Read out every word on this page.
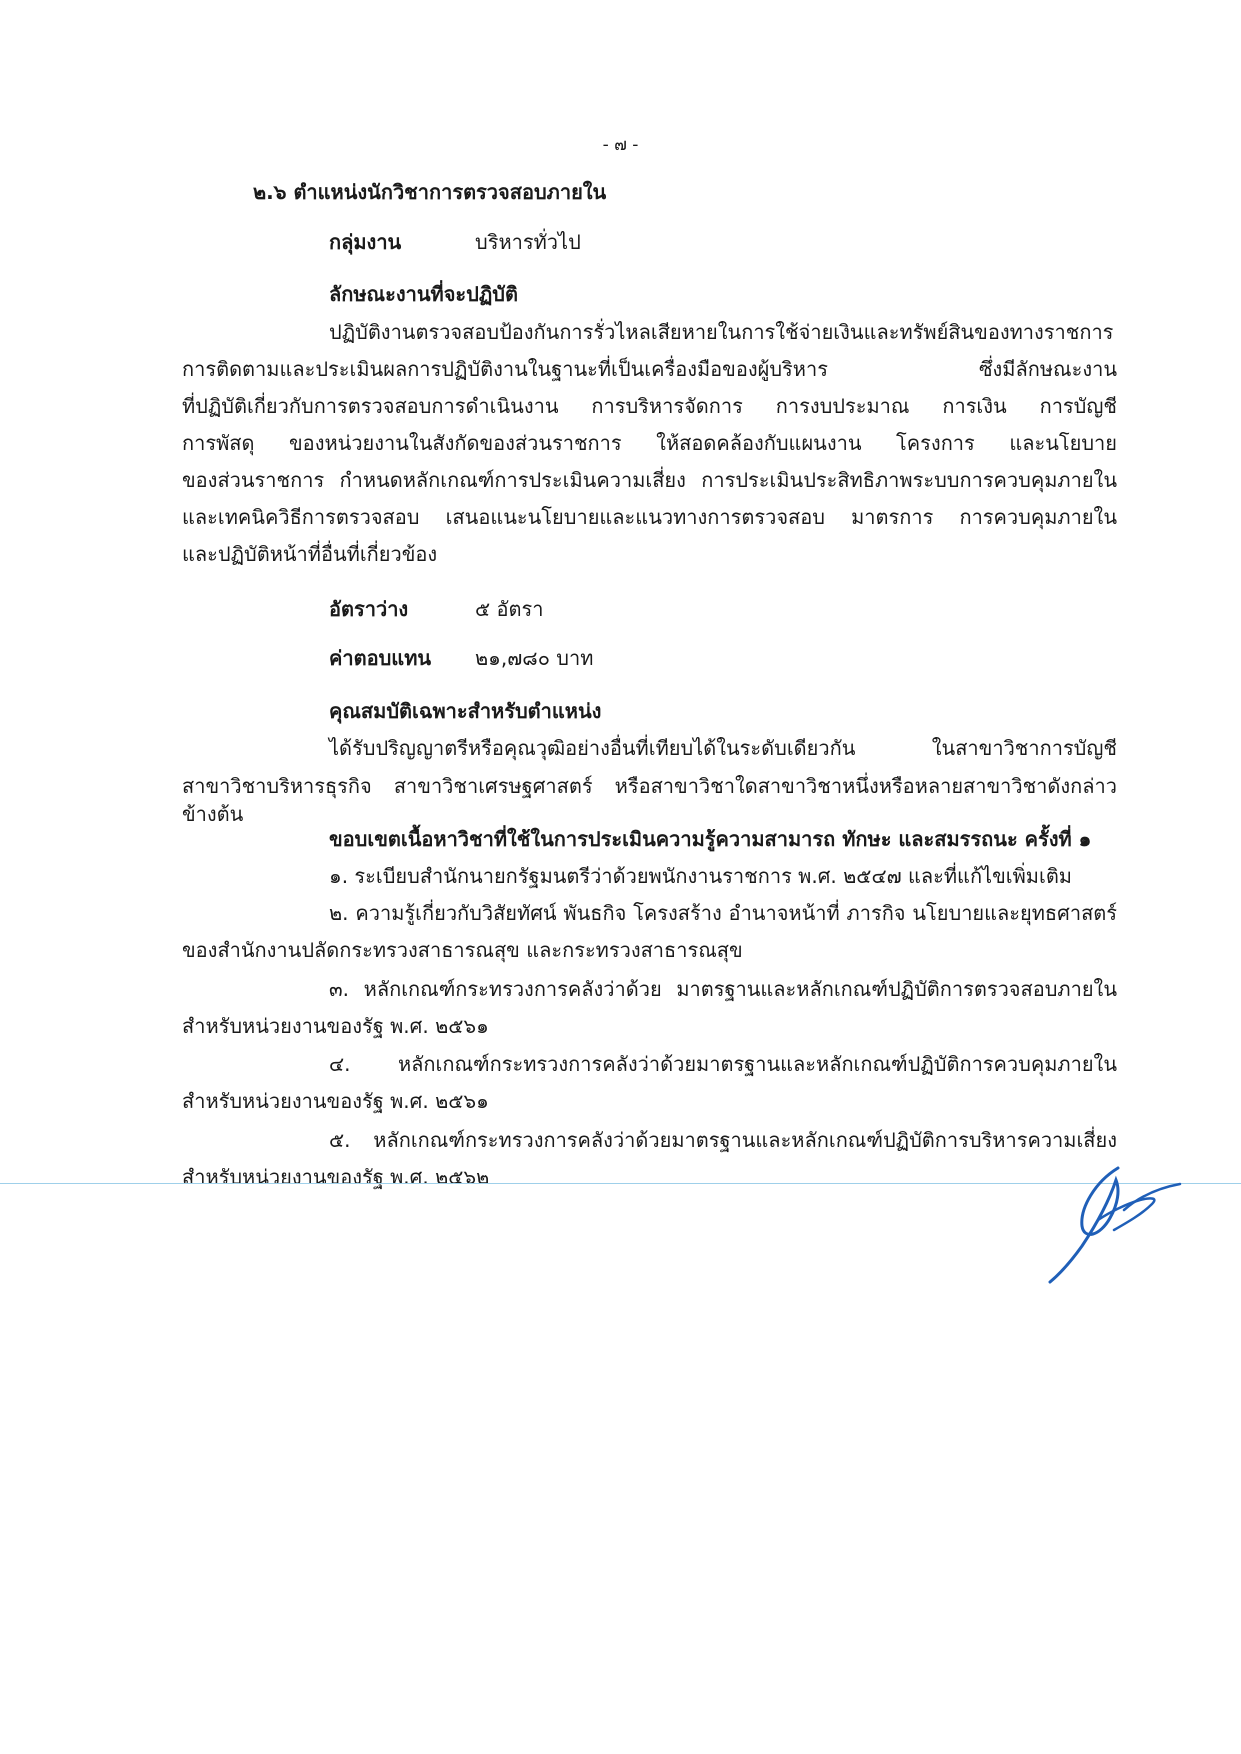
- ๗ -
๒.๖ ตำแหน่งนักวิชาการตรวจสอบภายใน
กลุ่มงาน	บริหารทั่วไป
ลักษณะงานที่จะปฏิบัติ
ปฏิบัติงานตรวจสอบป้องกันการรั่วไหลเสียหายในการใช้จ่ายเงินและทรัพย์สินของทางราชการ
การติดตามและประเมินผลการปฏิบัติงานในฐานะที่เป็นเครื่องมือของผู้บริหาร ซึ่งมีลักษณะงาน
ที่ปฏิบัติเกี่ยวกับการตรวจสอบการดำเนินงาน การบริหารจัดการ การงบประมาณ การเงิน การบัญชี
การพัสดุ ของหน่วยงานในสังกัดของส่วนราชการ ให้สอดคล้องกับแผนงาน โครงการ และนโยบาย
ของส่วนราชการ กำหนดหลักเกณฑ์การประเมินความเสี่ยง การประเมินประสิทธิภาพระบบการควบคุมภายใน
และเทคนิควิธีการตรวจสอบ เสนอแนะนโยบายและแนวทางการตรวจสอบ มาตรการ การควบคุมภายใน
และปฏิบัติหน้าที่อื่นที่เกี่ยวข้อง
อัตราว่าง	๕ อัตรา
ค่าตอบแทน ๒๑,๗๘๐ บาท
คุณสมบัติเฉพาะสำหรับตำแหน่ง
ได้รับปริญญาตรีหรือคุณวุฒิอย่างอื่นที่เทียบได้ในระดับเดียวกัน ในสาขาวิชาการบัญชี
สาขาวิชาบริหารธุรกิจ สาขาวิชาเศรษฐศาสตร์ หรือสาขาวิชาใดสาขาวิชาหนึ่งหรือหลายสาขาวิชาดังกล่าวข้างต้น
ขอบเขตเนื้อหาวิชาที่ใช้ในการประเมินความรู้ความสามารถ ทักษะ และสมรรถนะ ครั้งที่ ๑
๑. ระเบียบสำนักนายกรัฐมนตรีว่าด้วยพนักงานราชการ พ.ศ. ๒๕๔๗ และที่แก้ไขเพิ่มเติม
๒. ความรู้เกี่ยวกับวิสัยทัศน์ พันธกิจ โครงสร้าง อำนาจหน้าที่ ภารกิจ นโยบายและยุทธศาสตร์
ของสำนักงานปลัดกระทรวงสาธารณสุข และกระทรวงสาธารณสุข
๓. หลักเกณฑ์กระทรวงการคลังว่าด้วย มาตรฐานและหลักเกณฑ์ปฏิบัติการตรวจสอบภายใน
สำหรับหน่วยงานของรัฐ พ.ศ. ๒๕๖๑
๔. หลักเกณฑ์กระทรวงการคลังว่าด้วยมาตรฐานและหลักเกณฑ์ปฏิบัติการควบคุมภายใน
สำหรับหน่วยงานของรัฐ พ.ศ. ๒๕๖๑
๕. หลักเกณฑ์กระทรวงการคลังว่าด้วยมาตรฐานและหลักเกณฑ์ปฏิบัติการบริหารความเสี่ยง
สำหรับหน่วยงานของรัฐ พ.ศ. ๒๕๖๒
